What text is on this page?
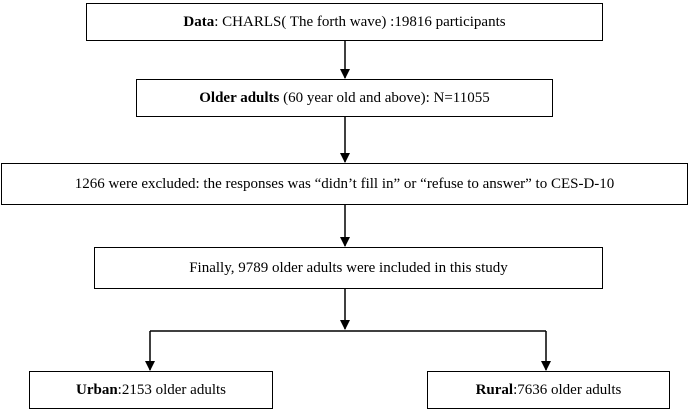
Data: CHARLS( The forth wave) :19816 participants
Older adults (60 year old and above): N=11055
1266 were excluded: the responses was “didn’t fill in” or “refuse to answer” to CES-D-10
Finally, 9789 older adults were included in this study
Urban:2153 older adults	Rural:7636 older adults
